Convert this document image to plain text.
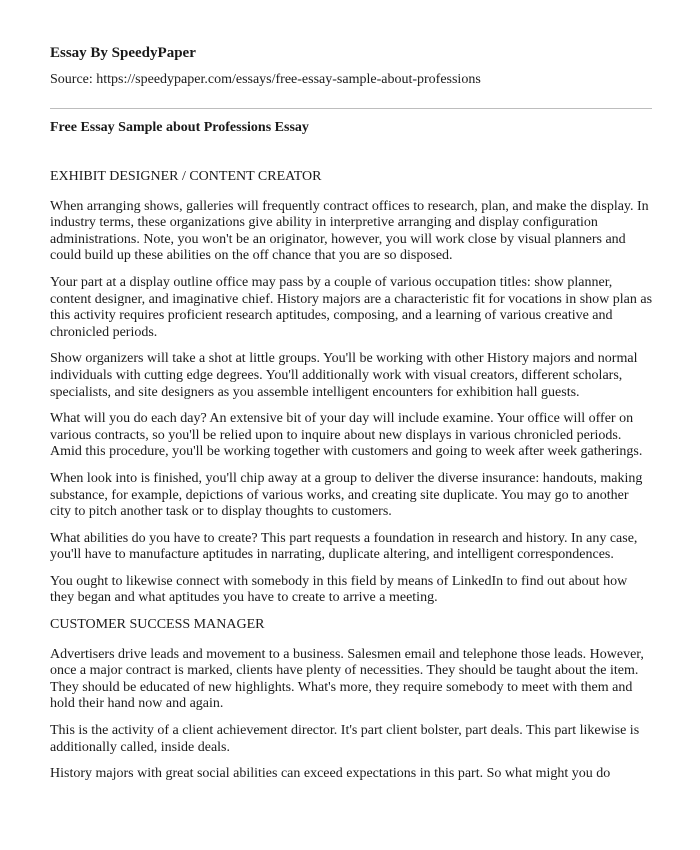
Essay By SpeedyPaper
Source: https://speedypaper.com/essays/free-essay-sample-about-professions
Free Essay Sample about Professions Essay

EXHIBIT DESIGNER / CONTENT CREATOR

When arranging shows, galleries will frequently contract offices to research, plan, and make the display. In industry terms, these organizations give ability in interpretive arranging and display configuration administrations. Note, you won't be an originator, however, you will work close by visual planners and could build up these abilities on the off chance that you are so disposed.

Your part at a display outline office may pass by a couple of various occupation titles: show planner, content designer, and imaginative chief. History majors are a characteristic fit for vocations in show plan as this activity requires proficient research aptitudes, composing, and a learning of various creative and chronicled periods.

Show organizers will take a shot at little groups. You'll be working with other History majors and normal individuals with cutting edge degrees. You'll additionally work with visual creators, different scholars, specialists, and site designers as you assemble intelligent encounters for exhibition hall guests.

What will you do each day? An extensive bit of your day will include examine. Your office will offer on various contracts, so you'll be relied upon to inquire about new displays in various chronicled periods. Amid this procedure, you'll be working together with customers and going to week after week gatherings.

When look into is finished, you'll chip away at a group to deliver the diverse insurance: handouts, making substance, for example, depictions of various works, and creating site duplicate. You may go to another city to pitch another task or to display thoughts to customers.

What abilities do you have to create? This part requests a foundation in research and history. In any case, you'll have to manufacture aptitudes in narrating, duplicate altering, and intelligent correspondences.

You ought to likewise connect with somebody in this field by means of LinkedIn to find out about how they began and what aptitudes you have to create to arrive a meeting.

CUSTOMER SUCCESS MANAGER

Advertisers drive leads and movement to a business. Salesmen email and telephone those leads. However, once a major contract is marked, clients have plenty of necessities. They should be taught about the item. They should be educated of new highlights. What's more, they require somebody to meet with them and hold their hand now and again.

This is the activity of a client achievement director. It's part client bolster, part deals. This part likewise is additionally called, inside deals.

History majors with great social abilities can exceed expectations in this part. So what might you do
